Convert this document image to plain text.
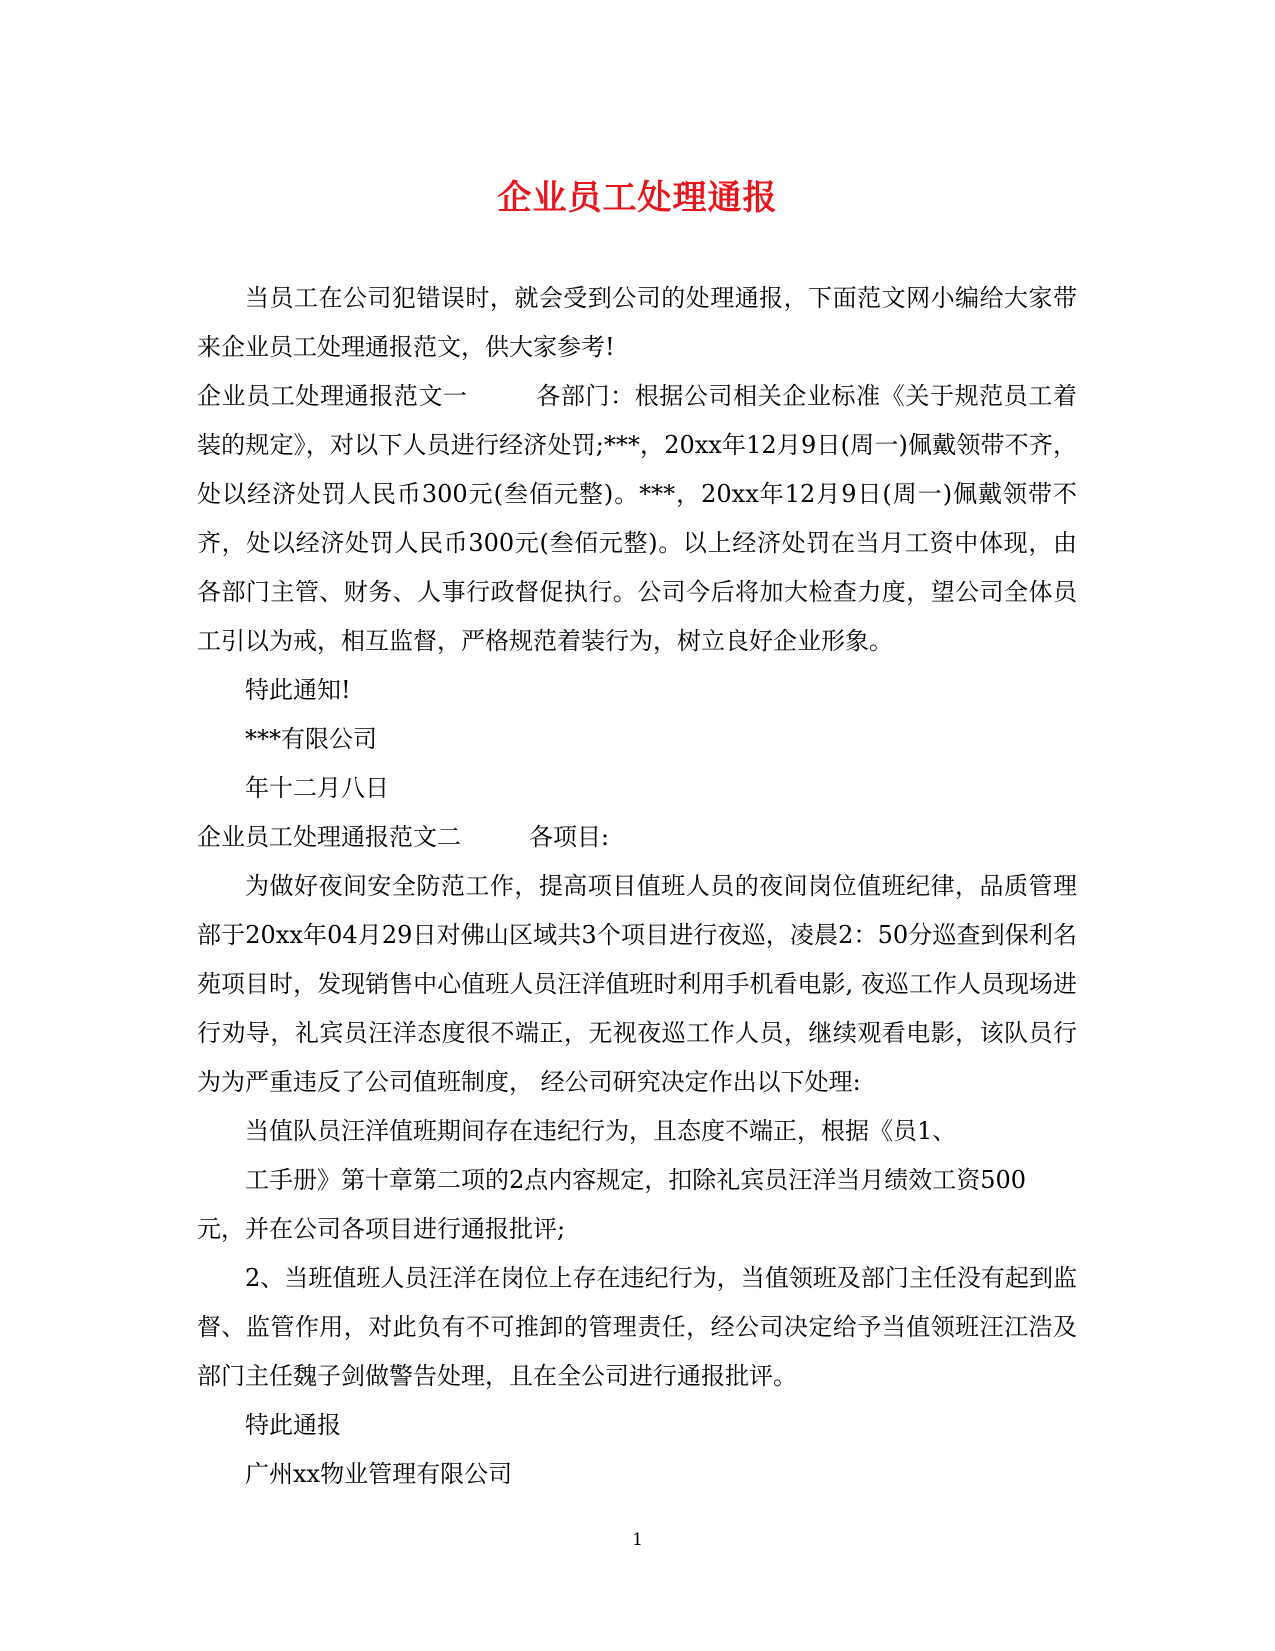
企业员工处理通报

当员工在公司犯错误时，就会受到公司的处理通报，下面范文网小编给大家带来企业员工处理通报范文，供大家参考!

企业员工处理通报范文一	各部门：根据公司相关企业标准《关于规范员工着装的规定》，对以下人员进行经济处罚;***，20xx年12月9日(周一)佩戴领带不齐，处以经济处罚人民币300元(叁佰元整)。***，20xx年12月9日(周一)佩戴领带不齐，处以经济处罚人民币300元(叁佰元整)。以上经济处罚在当月工资中体现，由各部门主管、财务、人事行政督促执行。公司今后将加大检查力度，望公司全体员工引以为戒，相互监督，严格规范着装行为，树立良好企业形象。

特此通知!

***有限公司

年十二月八日

企业员工处理通报范文二	各项目:

为做好夜间安全防范工作，提高项目值班人员的夜间岗位值班纪律，品质管理部于20xx年04月29日对佛山区域共3个项目进行夜巡，凌晨2：50分巡查到保利名苑项目时，发现销售中心值班人员汪洋值班时利用手机看电影, 夜巡工作人员现场进行劝导，礼宾员汪洋态度很不端正，无视夜巡工作人员，继续观看电影，该队员行为为严重违反了公司值班制度， 经公司研究决定作出以下处理:

当值队员汪洋值班期间存在违纪行为，且态度不端正，根据《员1、

工手册》第十章第二项的2点内容规定，扣除礼宾员汪洋当月绩效工资500

元，并在公司各项目进行通报批评;

2、当班值班人员汪洋在岗位上存在违纪行为，当值领班及部门主任没有起到监督、监管作用，对此负有不可推卸的管理责任，经公司决定给予当值领班汪江浩及部门主任魏子剑做警告处理，且在全公司进行通报批评。

特此通报

广州xx物业管理有限公司

1
